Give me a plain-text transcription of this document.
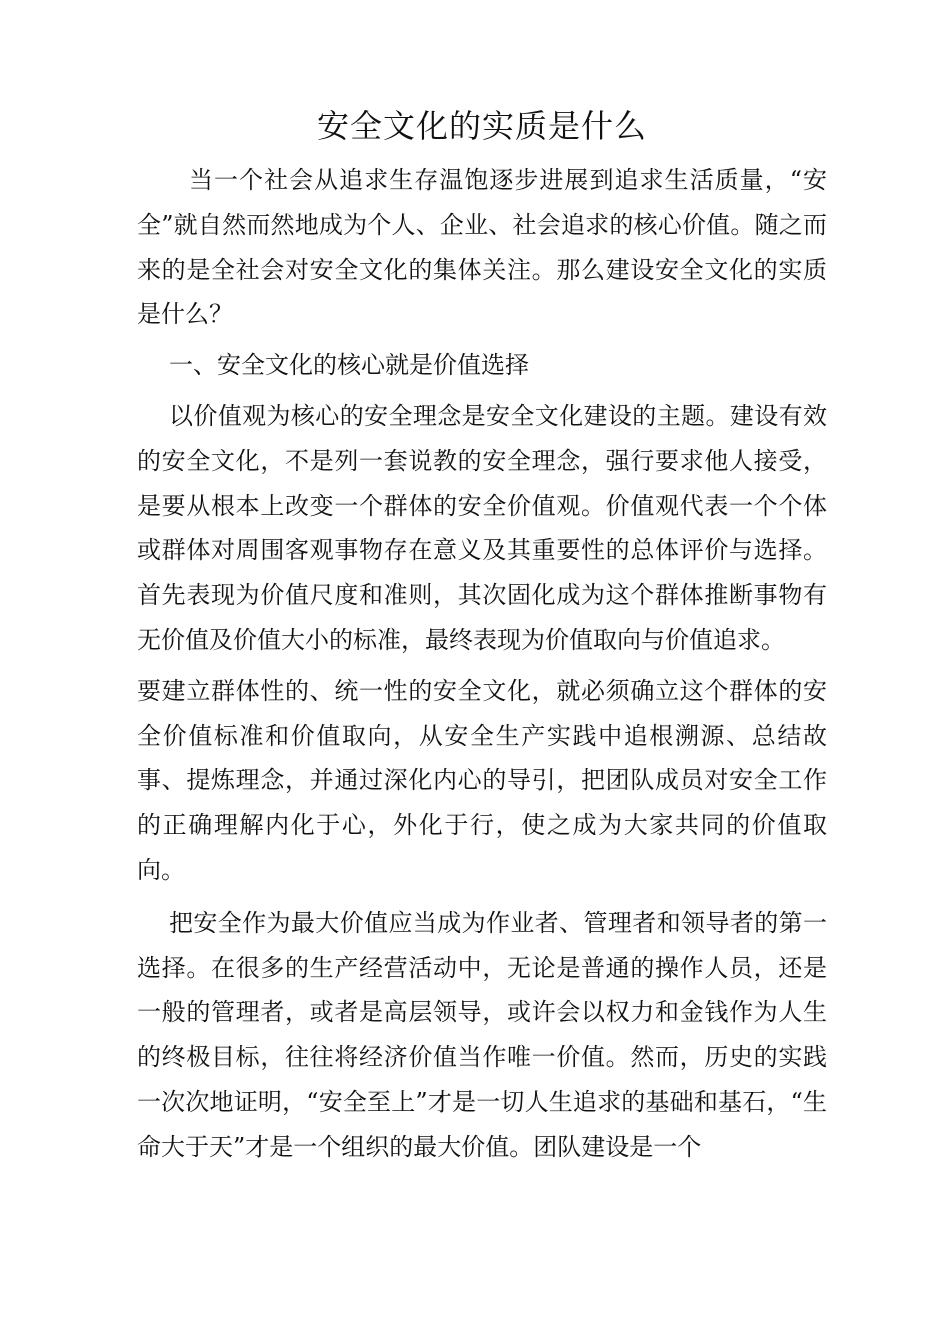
安全文化的实质是什么

当一个社会从追求生存温饱逐步进展到追求生活质量，“安全”就自然而然地成为个人、企业、社会追求的核心价值。随之而来的是全社会对安全文化的集体关注。那么建设安全文化的实质是什么？

一、安全文化的核心就是价值选择

以价值观为核心的安全理念是安全文化建设的主题。建设有效的安全文化，不是列一套说教的安全理念，强行要求他人接受，是要从根本上改变一个群体的安全价值观。价值观代表一个个体或群体对周围客观事物存在意义及其重要性的总体评价与选择。首先表现为价值尺度和准则，其次固化成为这个群体推断事物有无价值及价值大小的标准，最终表现为价值取向与价值追求。

要建立群体性的、统一性的安全文化，就必须确立这个群体的安全价值标准和价值取向，从安全生产实践中追根溯源、总结故事、提炼理念，并通过深化内心的导引，把团队成员对安全工作的正确理解内化于心，外化于行，使之成为大家共同的价值取向。

把安全作为最大价值应当成为作业者、管理者和领导者的第一选择。在很多的生产经营活动中，无论是普通的操作人员，还是一般的管理者，或者是高层领导，或许会以权力和金钱作为人生的终极目标，往往将经济价值当作唯一价值。然而，历史的实践一次次地证明，“安全至上”才是一切人生追求的基础和基石，“生命大于天”才是一个组织的最大价值。团队建设是一个
